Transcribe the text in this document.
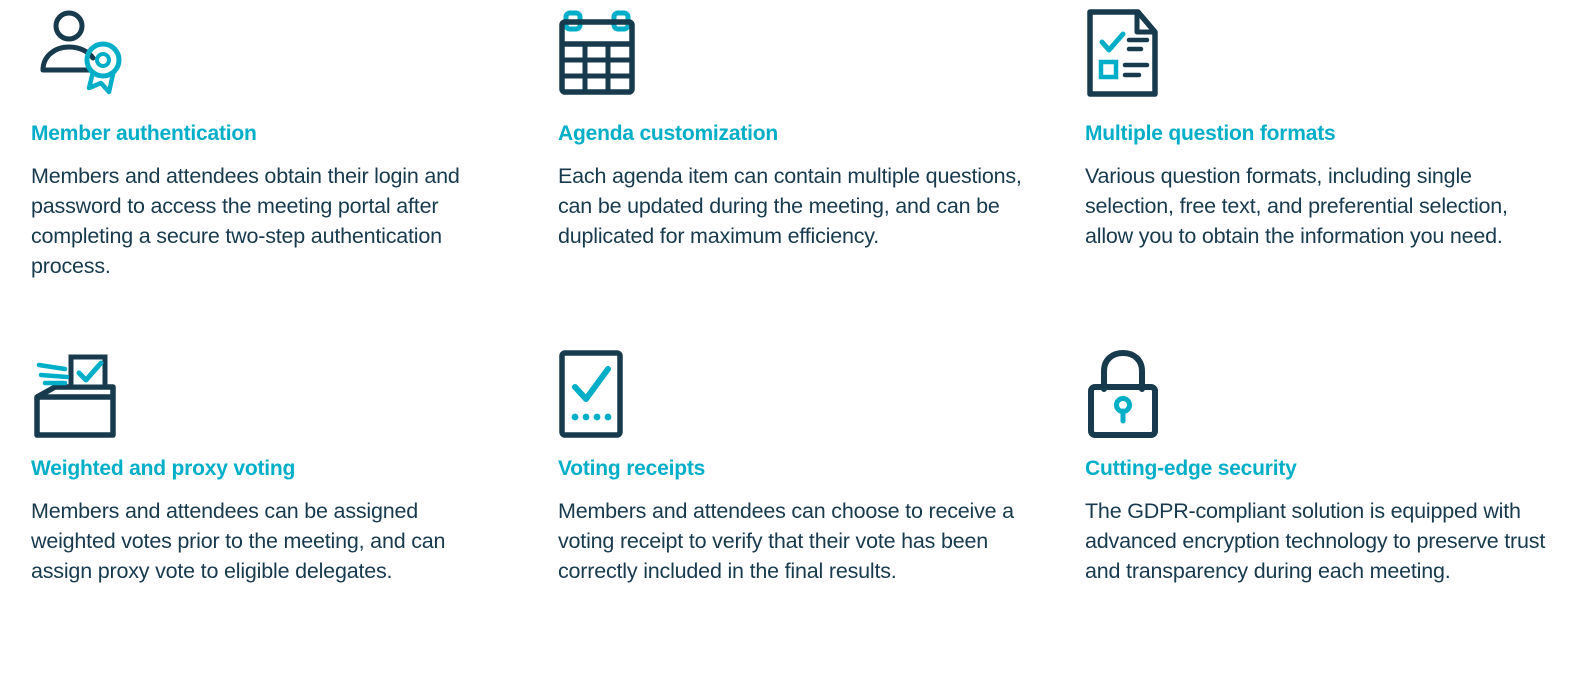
Member authentication

Members and attendees obtain their login and password to access the meeting portal after completing a secure two-step authentication process.

Agenda customization

Each agenda item can contain multiple questions, can be updated during the meeting, and can be duplicated for maximum efficiency.

Multiple question formats

Various question formats, including single selection, free text, and preferential selection, allow you to obtain the information you need.

Weighted and proxy voting

Members and attendees can be assigned weighted votes prior to the meeting, and can assign proxy vote to eligible delegates.

Voting receipts

Members and attendees can choose to receive a voting receipt to verify that their vote has been correctly included in the final results.

Cutting-edge security

The GDPR-compliant solution is equipped with advanced encryption technology to preserve trust and transparency during each meeting.
